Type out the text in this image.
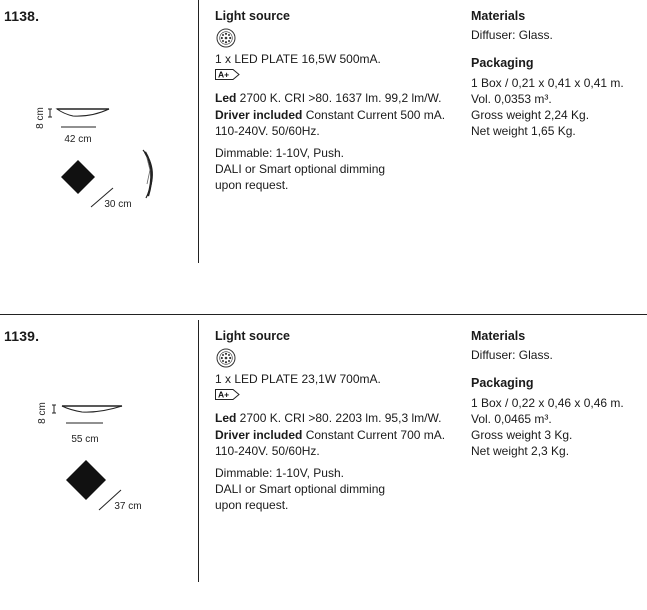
1138.
8 cm
42 cm
30 cm
Light source
1 x LED PLATE 16,5W 500mA.
A+
Led 2700 K. CRI >80. 1637 lm. 99,2 lm/W.
Driver included Constant Current 500 mA.
110-240V. 50/60Hz.
Dimmable: 1-10V, Push.
DALI or Smart optional dimming
upon request.
Materials
Diffuser: Glass.
Packaging
1 Box / 0,21 x 0,41 x 0,41 m.
Vol. 0,0353 m³.
Gross weight 2,24 Kg.
Net weight 1,65 Kg.
1139.
8 cm
55 cm
37 cm
Light source
1 x LED PLATE 23,1W 700mA.
A+
Led 2700 K. CRI >80. 2203 lm. 95,3 lm/W.
Driver included Constant Current 700 mA.
110-240V. 50/60Hz.
Dimmable: 1-10V, Push.
DALI or Smart optional dimming
upon request.
Materials
Diffuser: Glass.
Packaging
1 Box / 0,22 x 0,46 x 0,46 m.
Vol. 0,0465 m³.
Gross weight 3 Kg.
Net weight 2,3 Kg.
